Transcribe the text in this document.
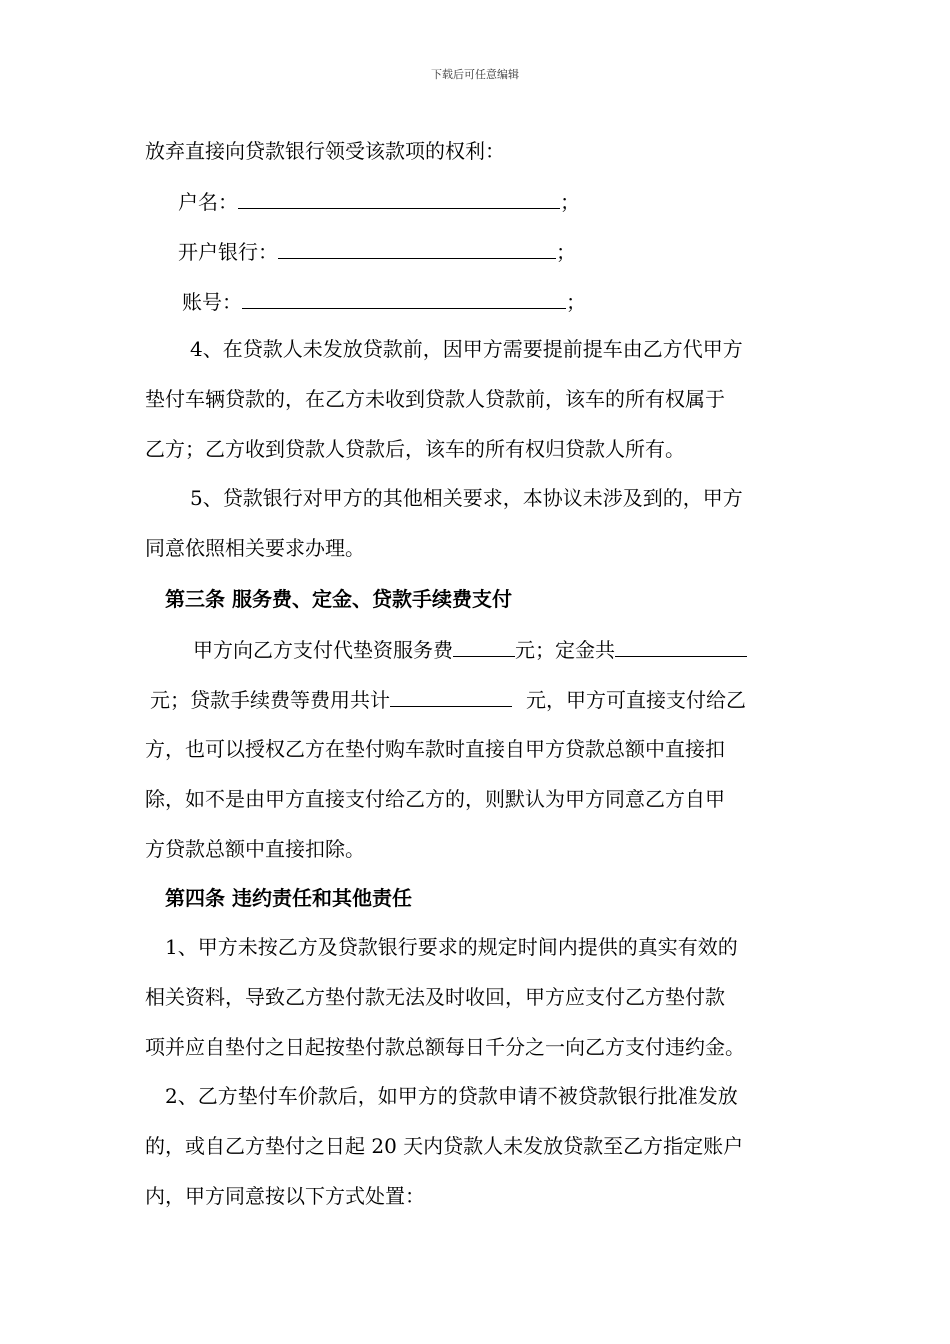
下载后可任意编辑
放弃直接向贷款银行领受该款项的权利：
户名：	；
开户银行：	；
账号：	；
4、在贷款人未发放贷款前，因甲方需要提前提车由乙方代甲方
垫付车辆贷款的，在乙方未收到贷款人贷款前，该车的所有权属于
乙方；乙方收到贷款人贷款后，该车的所有权归贷款人所有。
5、贷款银行对甲方的其他相关要求，本协议未涉及到的，甲方
同意依照相关要求办理。
第三条 服务费、定金、贷款手续费支付
甲方向乙方支付代垫资服务费	元；定金共
元；贷款手续费等费用共计	元，甲方可直接支付给乙
方，也可以授权乙方在垫付购车款时直接自甲方贷款总额中直接扣
除，如不是由甲方直接支付给乙方的，则默认为甲方同意乙方自甲
方贷款总额中直接扣除。
第四条 违约责任和其他责任
1、甲方未按乙方及贷款银行要求的规定时间内提供的真实有效的
相关资料，导致乙方垫付款无法及时收回，甲方应支付乙方垫付款
项并应自垫付之日起按垫付款总额每日千分之一向乙方支付违约金。
2、乙方垫付车价款后，如甲方的贷款申请不被贷款银行批准发放
的，或自乙方垫付之日起 20 天内贷款人未发放贷款至乙方指定账户
内，甲方同意按以下方式处置：
